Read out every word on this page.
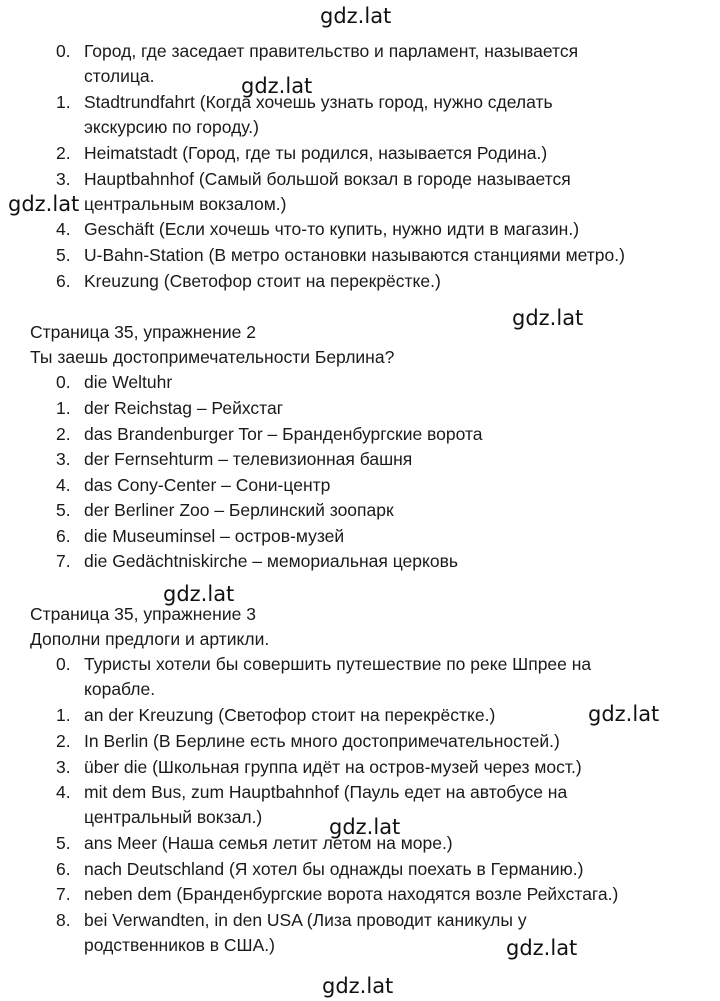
gdz.lat
gdz.lat
gdz.lat
gdz.lat
gdz.lat
gdz.lat
gdz.lat
gdz.lat
gdz.lat
0. Город, где заседает правительство и парламент, называется
столица.
1. Stadtrundfahrt (Когда хочешь узнать город, нужно сделать
экскурсию по городу.)
2. Heimatstadt (Город, где ты родился, называется Родина.)
3. Hauptbahnhof (Самый большой вокзал в городе называется
центральным вокзалом.)
4. Geschäft (Если хочешь что-то купить, нужно идти в магазин.)
5. U-Bahn-Station (В метро остановки называются станциями метро.)
6. Kreuzung (Светофор стоит на перекрёстке.)
Страница 35, упражнение 2
Ты заешь достопримечательности Берлина?
0. die Weltuhr
1. der Reichstag – Рейхстаг
2. das Brandenburger Tor – Бранденбургские ворота
3. der Fernsehturm – телевизионная башня
4. das Cony-Center – Сони-центр
5. der Berliner Zoo – Берлинский зоопарк
6. die Museuminsel – остров-музей
7. die Gedächtniskirche – мемориальная церковь
Страница 35, упражнение 3
Дополни предлоги и артикли.
0. Туристы хотели бы совершить путешествие по реке Шпрее на
корабле.
1. an der Kreuzung (Светофор стоит на перекрёстке.)
2. In Berlin (В Берлине есть много достопримечательностей.)
3. über die (Школьная группа идёт на остров-музей через мост.)
4. mit dem Bus, zum Hauptbahnhof (Пауль едет на автобусе на
центральный вокзал.)
5. ans Meer (Наша семья летит летом на море.)
6. nach Deutschland (Я хотел бы однажды поехать в Германию.)
7. neben dem (Бранденбургские ворота находятся возле Рейхстага.)
8. bei Verwandten, in den USA (Лиза проводит каникулы у
родственников в США.)
